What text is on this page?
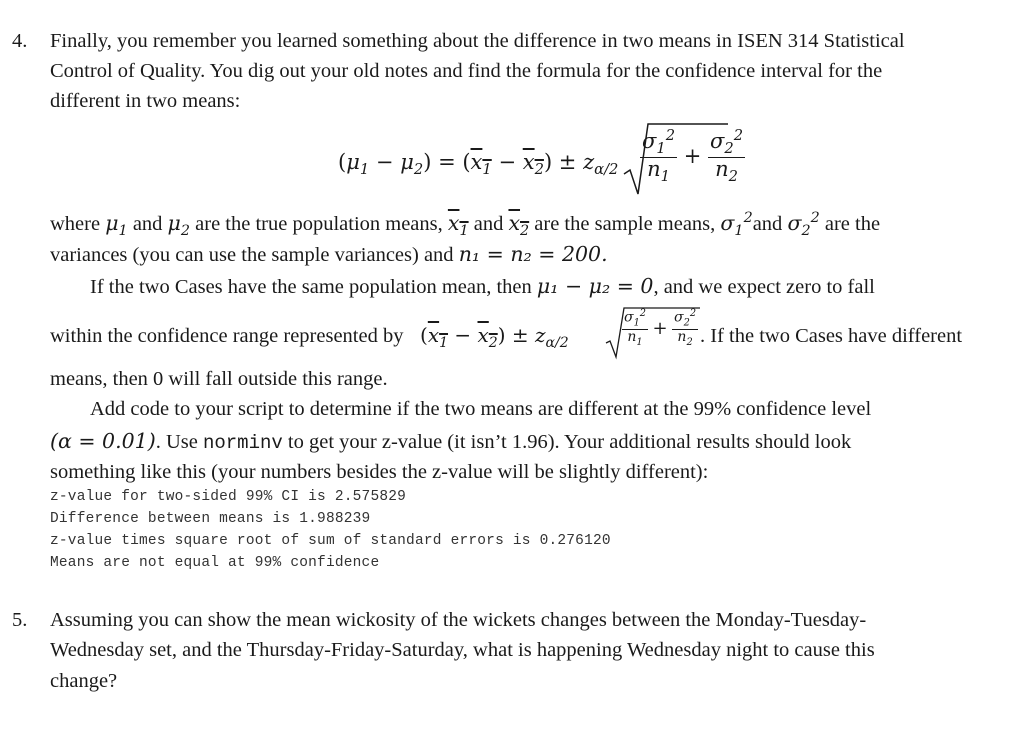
4. Finally, you remember you learned something about the difference in two means in ISEN 314 Statistical
Control of Quality. You dig out your old notes and find the formula for the confidence interval for the
different in two means:
$(\mu_1 - \mu_2) = (x_1 - x_2) \pm z_{\alpha/2} \frac{\sigma_1^2}{n_1} + \frac{\sigma_2^2}{n_2}$
where $\mu_1$ and $\mu_2$ are the true population means, $x_1$ and $x_2$ are the sample means, $\sigma_1^2and$ $\sigma_2^2$ are the
variances (you can use the sample variances) and n₁ = n₂ = 200.
If the two Cases have the same population mean, then μ₁ − μ₂ = 0, and we expect zero to fall
within the confidence range represented by $(x_1 - x_2) \pm z_{\alpha/2}$	$\frac{\sigma_1^2}{n_1} + \frac{\sigma_2^2}{n_2}$ . If the two Cases have different
means, then 0 will fall outside this range.
Add code to your script to determine if the two means are different at the 99% confidence level
(α = 0.01). Use norminv to get your z-value (it isn’t 1.96). Your additional results should look
something like this (your numbers besides the z-value will be slightly different):
z-value for two-sided 99% CI is 2.575829
Difference between means is 1.988239
z-value times square root of sum of standard errors is 0.276120
Means are not equal at 99% confidence
5. Assuming you can show the mean wickosity of the wickets changes between the Monday-Tuesday-
Wednesday set, and the Thursday-Friday-Saturday, what is happening Wednesday night to cause this
change?
